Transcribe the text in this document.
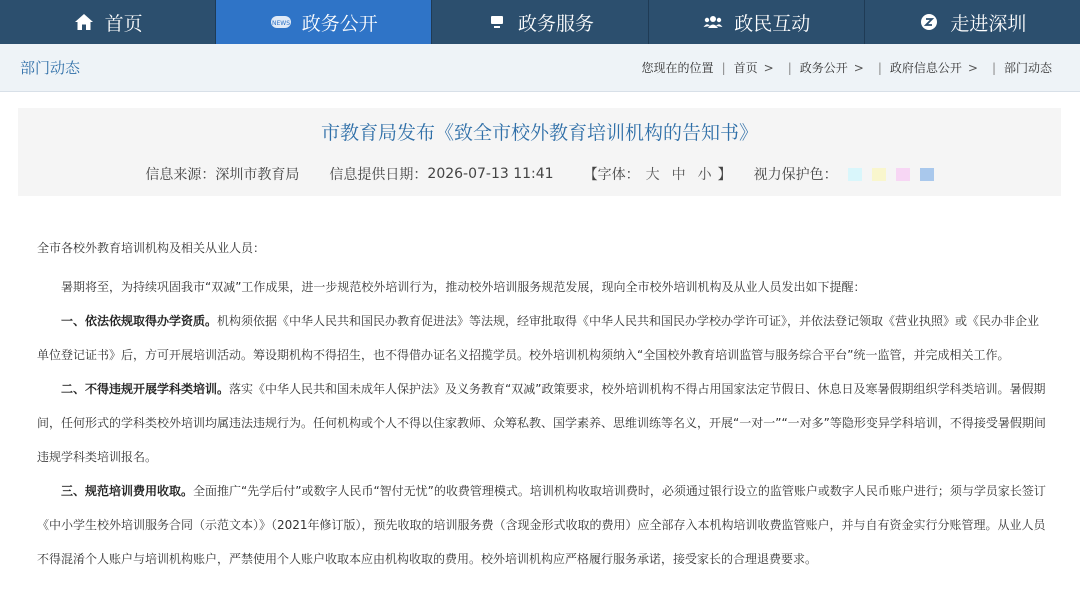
首页	NEWS 政务公开	政务服务	政民互动	走进深圳
部门动态	您现在的位置 | 首页 > | 政务公开 > | 政府信息公开 > | 部门动态
市教育局发布《致全市校外教育培训机构的告知书》
信息来源： 深圳市教育局 信息提供日期： 2026-07-13 11:41 【字体： 大 中 小 】 视力保护色：

全市各校外教育培训机构及相关从业人员：

暑期将至，为持续巩固我市“双减”工作成果，进一步规范校外培训行为，推动校外培训服务规范发展，现向全市校外培训机构及从业人员发出如下提醒：

一、依法依规取得办学资质。机构须依据《中华人民共和国民办教育促进法》等法规，经审批取得《中华人民共和国民办学校办学许可证》，并依法登记领取《营业执照》或《民办非企业单位登记证书》后，方可开展培训活动。筹设期机构不得招生，也不得借办证名义招揽学员。校外培训机构须纳入“全国校外教育培训监管与服务综合平台”统一监管，并完成相关工作。

二、不得违规开展学科类培训。落实《中华人民共和国未成年人保护法》及义务教育“双减”政策要求，校外培训机构不得占用国家法定节假日、休息日及寒暑假期组织学科类培训。暑假期间，任何形式的学科类校外培训均属违法违规行为。任何机构或个人不得以住家教师、众筹私教、国学素养、思维训练等名义，开展“一对一”“一对多”等隐形变异学科培训，不得接受暑假期间违规学科类培训报名。

三、规范培训费用收取。全面推广“先学后付”或数字人民币“智付无忧”的收费管理模式。培训机构收取培训费时，必须通过银行设立的监管账户或数字人民币账户进行；须与学员家长签订《中小学生校外培训服务合同（示范文本）》（2021年修订版），预先收取的培训服务费（含现金形式收取的费用）应全部存入本机构培训收费监管账户，并与自有资金实行分账管理。从业人员不得混淆个人账户与培训机构账户，严禁使用个人账户收取本应由机构收取的费用。校外培训机构应严格履行服务承诺，接受家长的合理退费要求。
